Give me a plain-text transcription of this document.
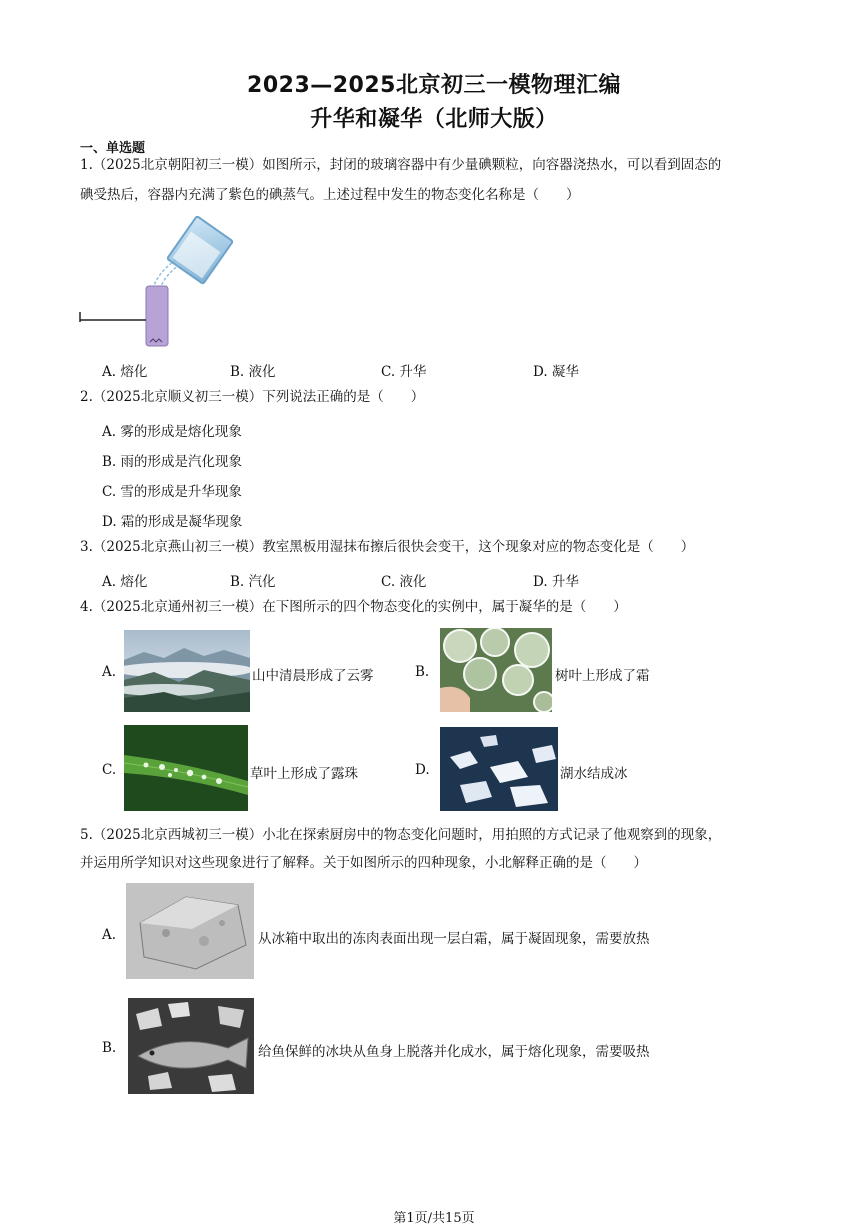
2023—2025北京初三一模物理汇编
升华和凝华（北师大版）
一、单选题
1.（2025北京朝阳初三一模）如图所示，封闭的玻璃容器中有少量碘颗粒，向容器浇热水，可以看到固态的
碘受热后，容器内充满了紫色的碘蒸气。上述过程中发生的物态变化名称是（　　）
A. 熔化	B. 液化	C. 升华	D. 凝华
2.（2025北京顺义初三一模）下列说法正确的是（　　）
A. 雾的形成是熔化现象
B. 雨的形成是汽化现象
C. 雪的形成是升华现象
D. 霜的形成是凝华现象
3.（2025北京燕山初三一模）教室黑板用湿抹布擦后很快会变干，这个现象对应的物态变化是（　　）
A. 熔化	B. 汽化	C. 液化	D. 升华
4.（2025北京通州初三一模）在下图所示的四个物态变化的实例中，属于凝华的是（　　）
A.	山中清晨形成了云雾	B.	树叶上形成了霜
C.	草叶上形成了露珠	D.	湖水结成冰
5.（2025北京西城初三一模）小北在探索厨房中的物态变化问题时，用拍照的方式记录了他观察到的现象，
并运用所学知识对这些现象进行了解释。关于如图所示的四种现象，小北解释正确的是（　　）
A.	从冰箱中取出的冻肉表面出现一层白霜，属于凝固现象，需要放热
B.	给鱼保鲜的冰块从鱼身上脱落并化成水，属于熔化现象，需要吸热
第1页/共15页
